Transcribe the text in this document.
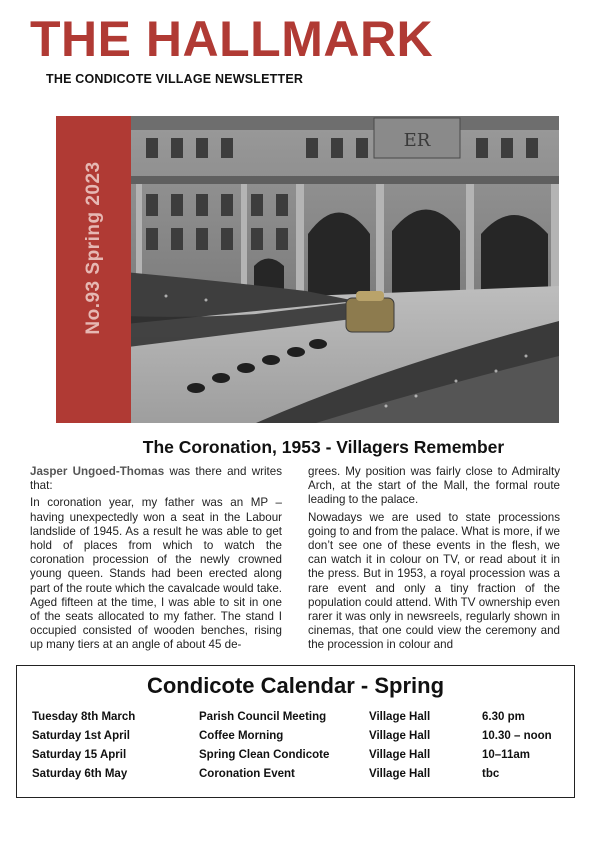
THE HALLMARK
THE CONDICOTE VILLAGE NEWSLETTER
ER
No.93 Spring 2023
The Coronation, 1953 - Villagers Remember

Jasper Ungoed-Thomas was there and writes that:

In coronation year, my father was an MP – having unexpectedly won a seat in the Labour landslide of 1945. As a result he was able to get hold of places from which to watch the coronation procession of the newly crowned young queen. Stands had been erected along part of the route which the cavalcade would take. Aged fifteen at the time, I was able to sit in one of the seats allocated to my father. The stand I occupied consisted of wooden benches, rising up many tiers at an angle of about 45 de-

grees. My position was fairly close to Admiralty Arch, at the start of the Mall, the formal route leading to the palace.

Nowadays we are used to state processions going to and from the palace. What is more, if we don’t see one of these events in the flesh, we can watch it in colour on TV, or read about it in the press. But in 1953, a royal procession was a rare event and only a tiny fraction of the population could attend. With TV ownership even rarer it was only in newsreels, regularly shown in cinemas, that one could view the ceremony and the procession in colour and

Condicote Calendar - Spring
Tuesday 8th March	Parish Council Meeting	Village Hall	6.30 pm
Saturday 1st April	Coffee Morning	Village Hall	10.30 – noon
Saturday 15 April	Spring Clean Condicote	Village Hall	10–11am
Saturday 6th May	Coronation Event	Village Hall	tbc
